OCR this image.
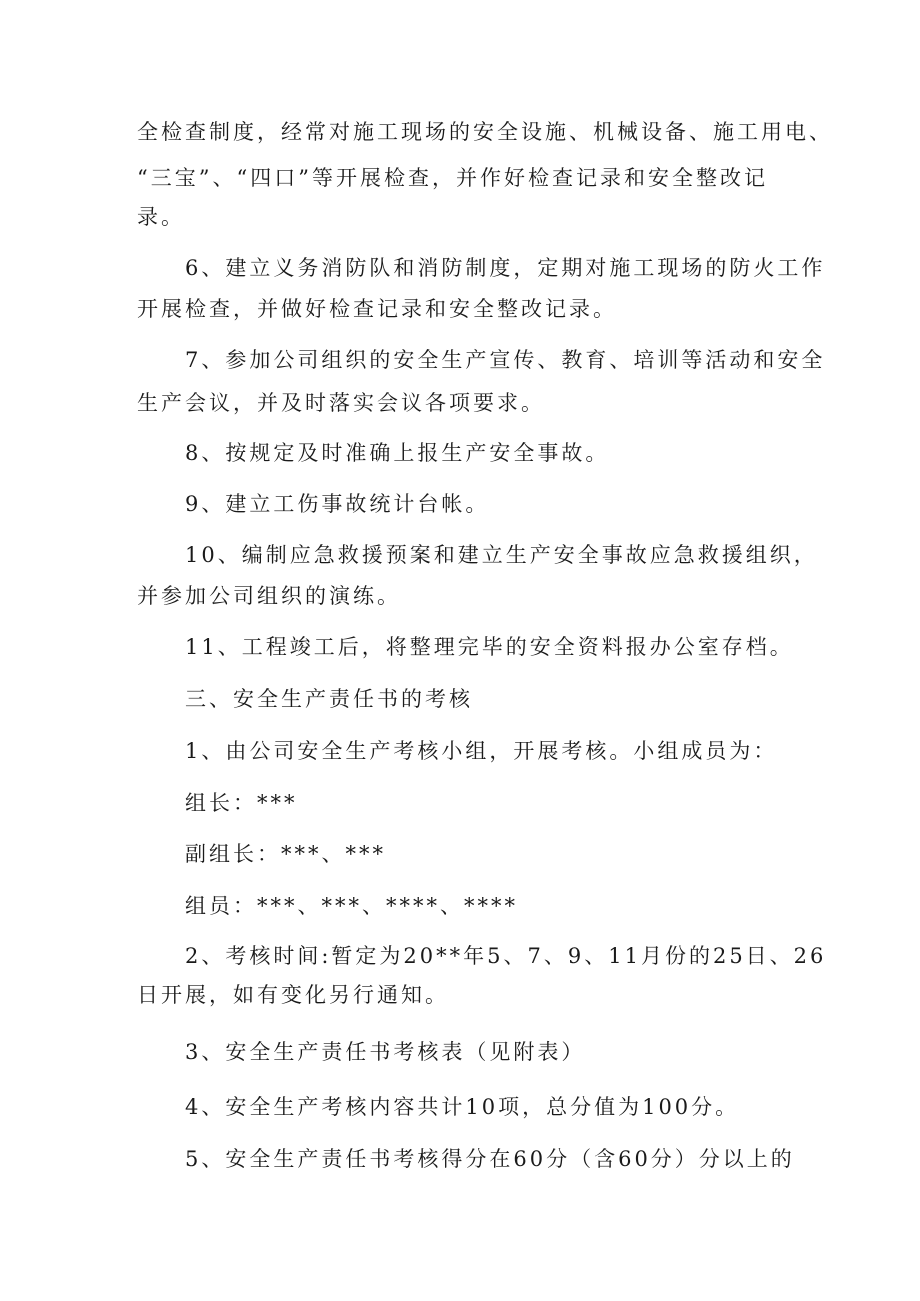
全检查制度，经常对施工现场的安全设施、机械设备、施工用电、

“三宝”、“四口”等开展检查，并作好检查记录和安全整改记

录。

6、建立义务消防队和消防制度，定期对施工现场的防火工作

开展检查，并做好检查记录和安全整改记录。

7、参加公司组织的安全生产宣传、教育、培训等活动和安全

生产会议，并及时落实会议各项要求。

8、按规定及时准确上报生产安全事故。

9、建立工伤事故统计台帐。

10、编制应急救援预案和建立生产安全事故应急救援组织，

并参加公司组织的演练。

11、工程竣工后，将整理完毕的安全资料报办公室存档。

三、安全生产责任书的考核

1、由公司安全生产考核小组，开展考核。小组成员为：

组长：***

副组长：***、***

组员：***、***、****、****

2、考核时间:暂定为20**年5、7、9、11月份的25日、26

日开展，如有变化另行通知。

3、安全生产责任书考核表（见附表）

4、安全生产考核内容共计10项，总分值为100分。

5、安全生产责任书考核得分在60分（含60分）分以上的
